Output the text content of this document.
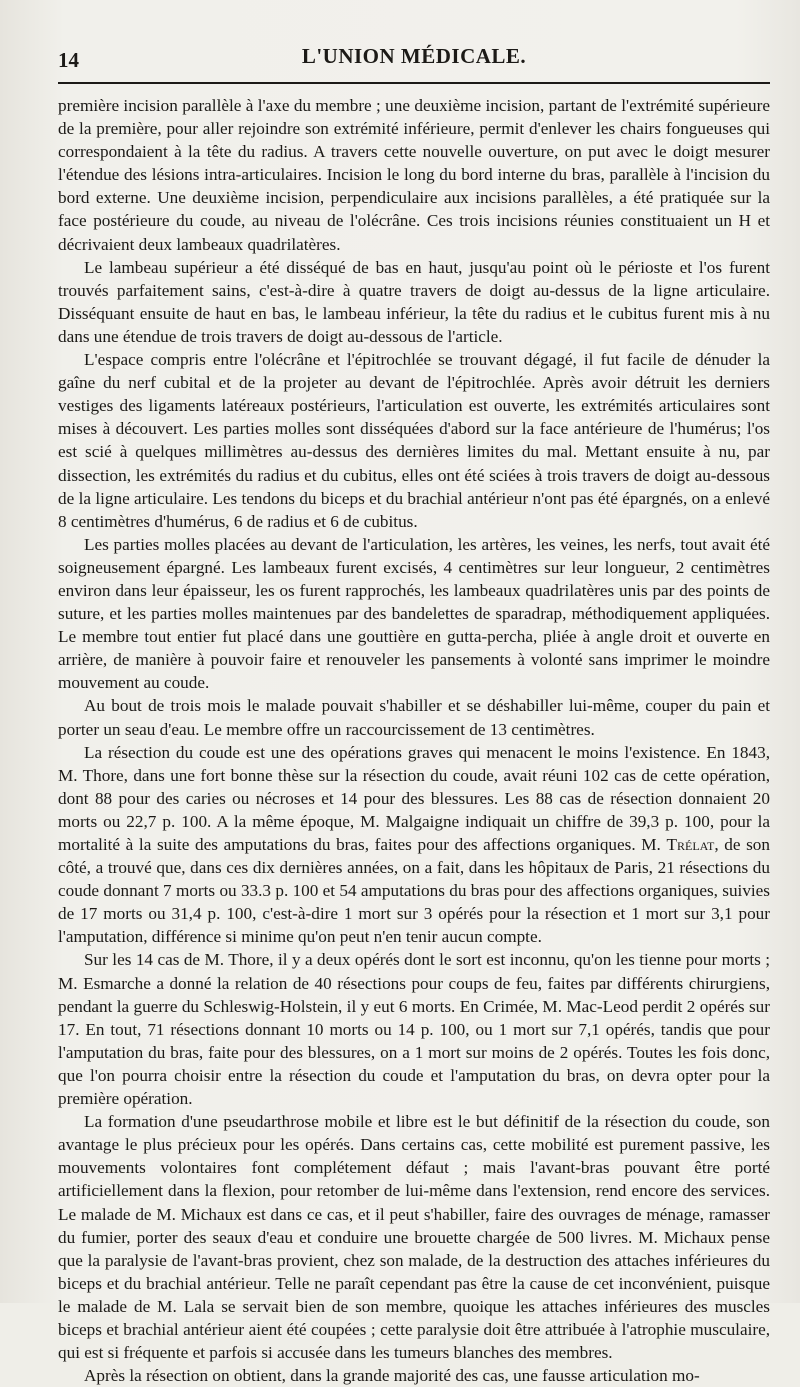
14	L'UNION MÉDICALE.

première incision parallèle à l'axe du membre ; une deuxième incision, partant de l'extrémité supérieure de la première, pour aller rejoindre son extrémité inférieure, permit d'enlever les chairs fongueuses qui correspondaient à la tête du radius. A travers cette nouvelle ouverture, on put avec le doigt mesurer l'étendue des lésions intra-articulaires. Incision le long du bord interne du bras, parallèle à l'incision du bord externe. Une deuxième incision, perpendiculaire aux incisions parallèles, a été pratiquée sur la face postérieure du coude, au niveau de l'olécrâne. Ces trois incisions réunies constituaient un H et décrivaient deux lambeaux quadrilatères.

Le lambeau supérieur a été disséqué de bas en haut, jusqu'au point où le périoste et l'os furent trouvés parfaitement sains, c'est-à-dire à quatre travers de doigt au-dessus de la ligne articulaire. Disséquant ensuite de haut en bas, le lambeau inférieur, la tête du radius et le cubitus furent mis à nu dans une étendue de trois travers de doigt au-dessous de l'article.

L'espace compris entre l'olécrâne et l'épitrochlée se trouvant dégagé, il fut facile de dénuder la gaîne du nerf cubital et de la projeter au devant de l'épitrochlée. Après avoir détruit les derniers vestiges des ligaments latéreaux postérieurs, l'articulation est ouverte, les extrémités articulaires sont mises à découvert. Les parties molles sont disséquées d'abord sur la face antérieure de l'humérus; l'os est scié à quelques millimètres au-dessus des dernières limites du mal. Mettant ensuite à nu, par dissection, les extrémités du radius et du cubitus, elles ont été sciées à trois travers de doigt au-dessous de la ligne articulaire. Les tendons du biceps et du brachial antérieur n'ont pas été épargnés, on a enlevé 8 centimètres d'humérus, 6 de radius et 6 de cubitus.

Les parties molles placées au devant de l'articulation, les artères, les veines, les nerfs, tout avait été soigneusement épargné. Les lambeaux furent excisés, 4 centimètres sur leur longueur, 2 centimètres environ dans leur épaisseur, les os furent rapprochés, les lambeaux quadrilatères unis par des points de suture, et les parties molles maintenues par des bandelettes de sparadrap, méthodiquement appliquées. Le membre tout entier fut placé dans une gouttière en gutta-percha, pliée à angle droit et ouverte en arrière, de manière à pouvoir faire et renouveler les pansements à volonté sans imprimer le moindre mouvement au coude.

Au bout de trois mois le malade pouvait s'habiller et se déshabiller lui-même, couper du pain et porter un seau d'eau. Le membre offre un raccourcissement de 13 centimètres.

La résection du coude est une des opérations graves qui menacent le moins l'existence. En 1843, M. Thore, dans une fort bonne thèse sur la résection du coude, avait réuni 102 cas de cette opération, dont 88 pour des caries ou nécroses et 14 pour des blessures. Les 88 cas de résection donnaient 20 morts ou 22,7 p. 100. A la même époque, M. Malgaigne indiquait un chiffre de 39,3 p. 100, pour la mortalité à la suite des amputations du bras, faites pour des affections organiques. M. Trélat, de son côté, a trouvé que, dans ces dix dernières années, on a fait, dans les hôpitaux de Paris, 21 résections du coude donnant 7 morts ou 33.3 p. 100 et 54 amputations du bras pour des affections organiques, suivies de 17 morts ou 31,4 p. 100, c'est-à-dire 1 mort sur 3 opérés pour la résection et 1 mort sur 3,1 pour l'amputation, différence si minime qu'on peut n'en tenir aucun compte.

Sur les 14 cas de M. Thore, il y a deux opérés dont le sort est inconnu, qu'on les tienne pour morts ; M. Esmarche a donné la relation de 40 résections pour coups de feu, faites par différents chirurgiens, pendant la guerre du Schleswig-Holstein, il y eut 6 morts. En Crimée, M. Mac-Leod perdit 2 opérés sur 17. En tout, 71 résections donnant 10 morts ou 14 p. 100, ou 1 mort sur 7,1 opérés, tandis que pour l'amputation du bras, faite pour des blessures, on a 1 mort sur moins de 2 opérés. Toutes les fois donc, que l'on pourra choisir entre la résection du coude et l'amputation du bras, on devra opter pour la première opération.

La formation d'une pseudarthrose mobile et libre est le but définitif de la résection du coude, son avantage le plus précieux pour les opérés. Dans certains cas, cette mobilité est purement passive, les mouvements volontaires font complétement défaut ; mais l'avant-bras pouvant être porté artificiellement dans la flexion, pour retomber de lui-même dans l'extension, rend encore des services. Le malade de M. Michaux est dans ce cas, et il peut s'habiller, faire des ouvrages de ménage, ramasser du fumier, porter des seaux d'eau et conduire une brouette chargée de 500 livres. M. Michaux pense que la paralysie de l'avant-bras provient, chez son malade, de la destruction des attaches inférieures du biceps et du brachial antérieur. Telle ne paraît cependant pas être la cause de cet inconvénient, puisque le malade de M. Lala se servait bien de son membre, quoique les attaches inférieures des muscles biceps et brachial antérieur aient été coupées ; cette paralysie doit être attribuée à l'atrophie musculaire, qui est si fréquente et parfois si accusée dans les tumeurs blanches des membres.

Après la résection on obtient, dans la grande majorité des cas, une fausse articulation mo-
